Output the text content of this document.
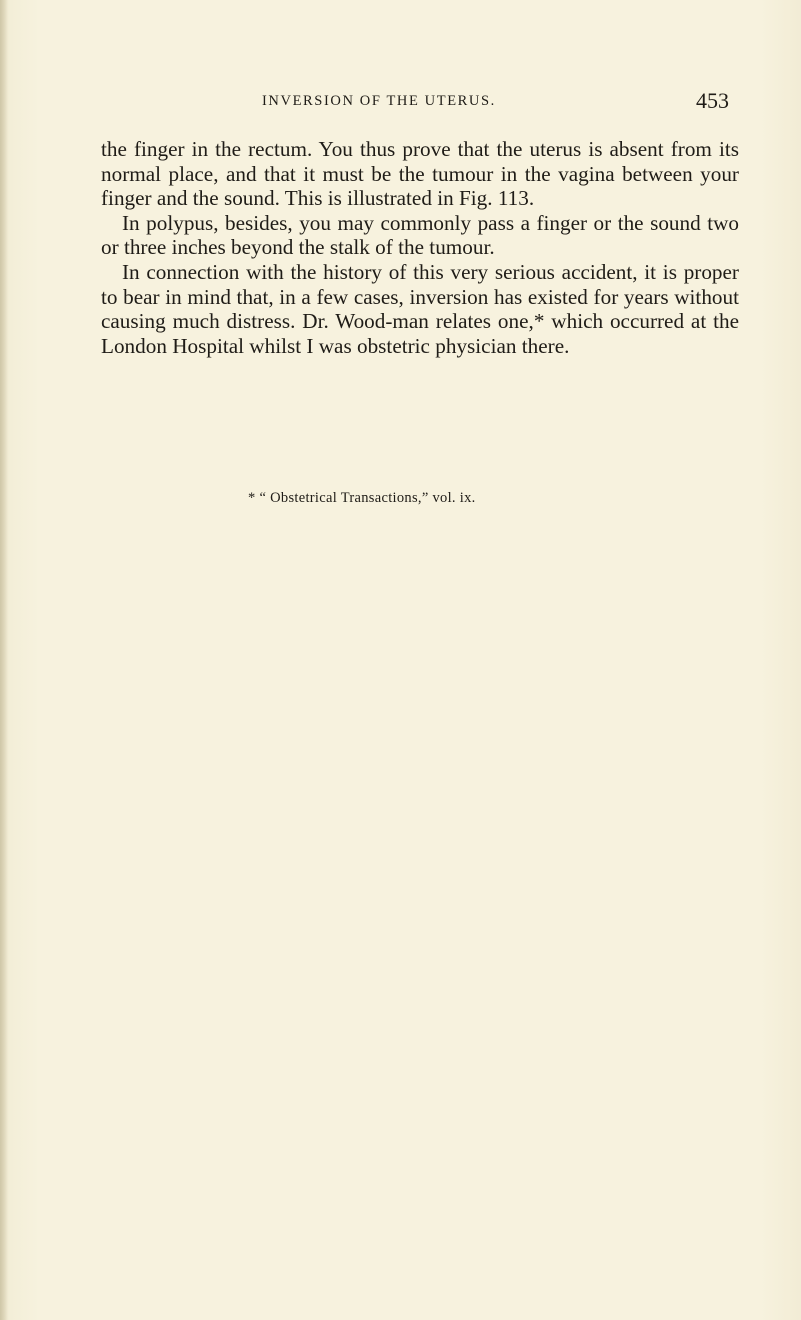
INVERSION OF THE UTERUS.	453

the finger in the rectum. You thus prove that the uterus is absent from its normal place, and that it must be the tumour in the vagina between your finger and the sound. This is illustrated in Fig. 113.

In polypus, besides, you may commonly pass a finger or the sound two or three inches beyond the stalk of the tumour.

In connection with the history of this very serious accident, it is proper to bear in mind that, in a few cases, inversion has existed for years without causing much distress. Dr. Wood-man relates one,* which occurred at the London Hospital whilst I was obstetric physician there.

* “ Obstetrical Transactions,” vol. ix.
